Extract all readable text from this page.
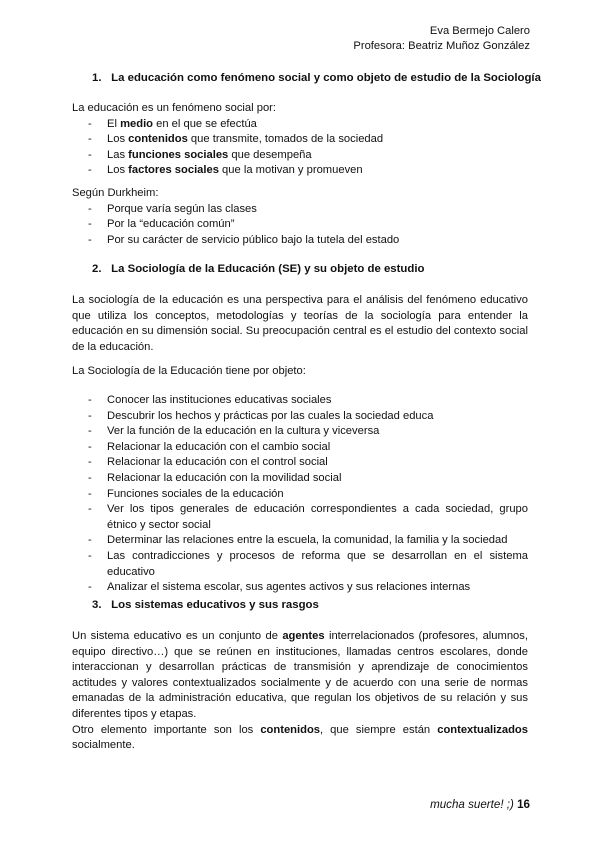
Eva Bermejo Calero
Profesora: Beatriz Muñoz González
1. La educación como fenómeno social y como objeto de estudio de la Sociología
La educación es un fenómeno social por:
- El medio en el que se efectúa
- Los contenidos que transmite, tomados de la sociedad
- Las funciones sociales que desempeña
- Los factores sociales que la motivan y promueven
Según Durkheim:
- Porque varía según las clases
- Por la “educación común”
- Por su carácter de servicio público bajo la tutela del estado
2. La Sociología de la Educación (SE) y su objeto de estudio
La sociología de la educación es una perspectiva para el análisis del fenómeno educativo que utiliza los conceptos, metodologías y teorías de la sociología para entender la educación en su dimensión social. Su preocupación central es el estudio del contexto social de la educación.
La Sociología de la Educación tiene por objeto:
- Conocer las instituciones educativas sociales
- Descubrir los hechos y prácticas por las cuales la sociedad educa
- Ver la función de la educación en la cultura y viceversa
- Relacionar la educación con el cambio social
- Relacionar la educación con el control social
- Relacionar la educación con la movilidad social
- Funciones sociales de la educación
- Ver los tipos generales de educación correspondientes a cada sociedad, grupo étnico y sector social
- Determinar las relaciones entre la escuela, la comunidad, la familia y la sociedad
- Las contradicciones y procesos de reforma que se desarrollan en el sistema educativo
- Analizar el sistema escolar, sus agentes activos y sus relaciones internas
3. Los sistemas educativos y sus rasgos
Un sistema educativo es un conjunto de agentes interrelacionados (profesores, alumnos, equipo directivo…) que se reúnen en instituciones, llamadas centros escolares, donde interaccionan y desarrollan prácticas de transmisión y aprendizaje de conocimientos actitudes y valores contextualizados socialmente y de acuerdo con una serie de normas emanadas de la administración educativa, que regulan los objetivos de su relación y sus diferentes tipos y etapas.
Otro elemento importante son los contenidos, que siempre están contextualizados socialmente.
mucha suerte! ;) 16
